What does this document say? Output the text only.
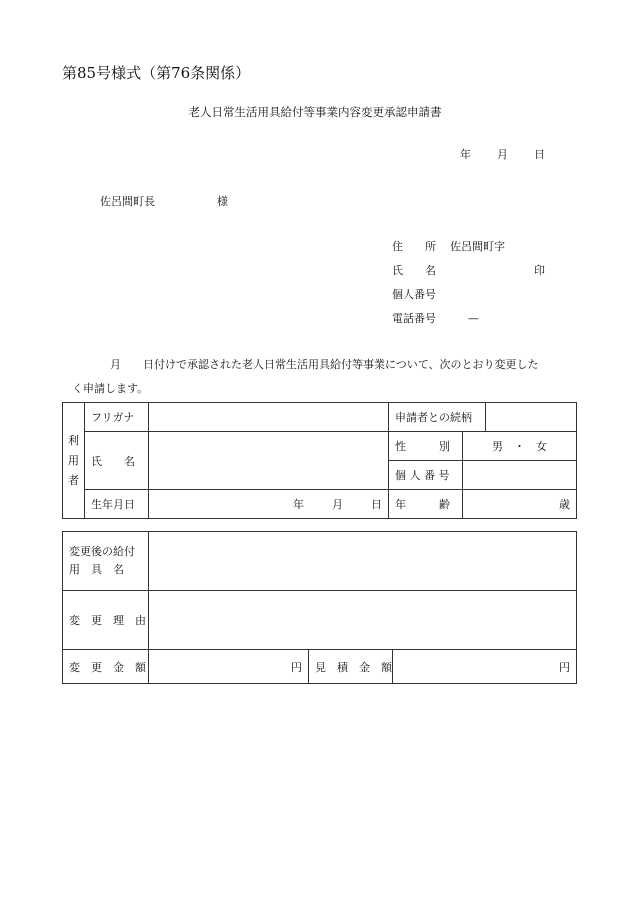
第85号様式（第76条関係）
老人日常生活用具給付等事業内容変更承認申請書
年 月 日
佐呂間町長	様
住　　所 佐呂間町字
氏　　名	印
個人番号
電話番号	—
月　　日付けで承認された老人日常生活用具給付等事業について、次のとおり変更した
く申請します。
利
用
者	フリガナ		申請者との続柄		
	氏　　名		性　　　別	男　・　女	
			個 人 番 号		
	生年月日	年 月 日	年　　　齢	歳	
変更後の給付
用　具　名			

変　更　理　由			
変　更　金　額	円	見　積　金　額	円
